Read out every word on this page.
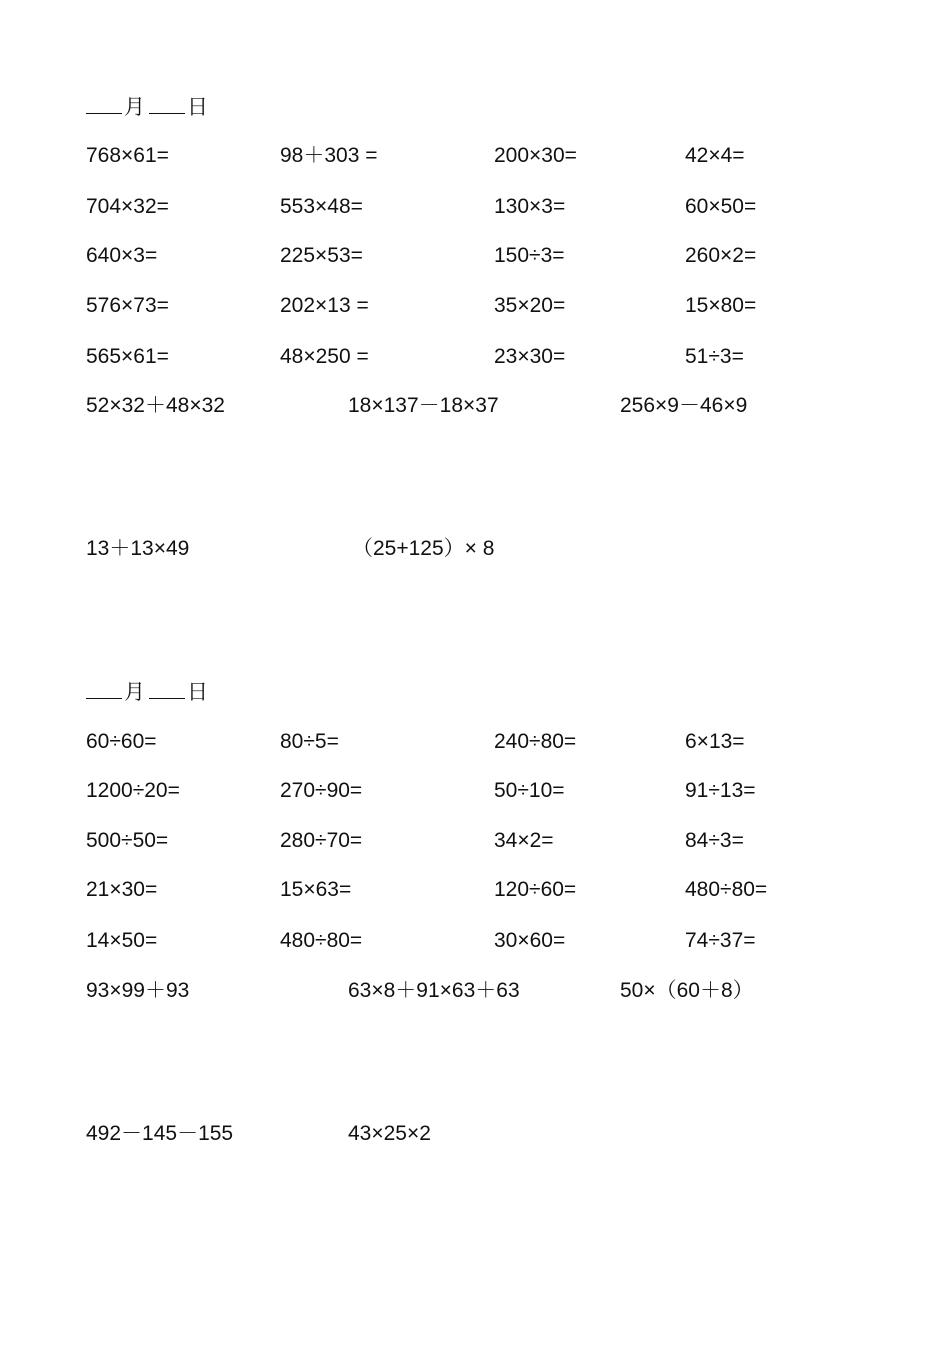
月 日
768×61=	98＋303 =	200×30=	42×4=
704×32=	553×48=	130×3=	60×50=
640×3=	225×53=	150÷3=	260×2=
576×73=	202×13 =	35×20=	15×80=
565×61=	48×250 =	23×30=	51÷3=
52×32＋48×32	18×137－18×37	256×9－46×9
13＋13×49	（25+125）× 8
月 日
60÷60=	80÷5=	240÷80=	6×13=
1200÷20=	270÷90=	50÷10=	91÷13=
500÷50=	280÷70=	34×2=	84÷3=
21×30=	15×63=	120÷60=	480÷80=
14×50=	480÷80=	30×60=	74÷37=
93×99＋93	63×8＋91×63＋63	50×（60＋8）
492－145－155	43×25×2
